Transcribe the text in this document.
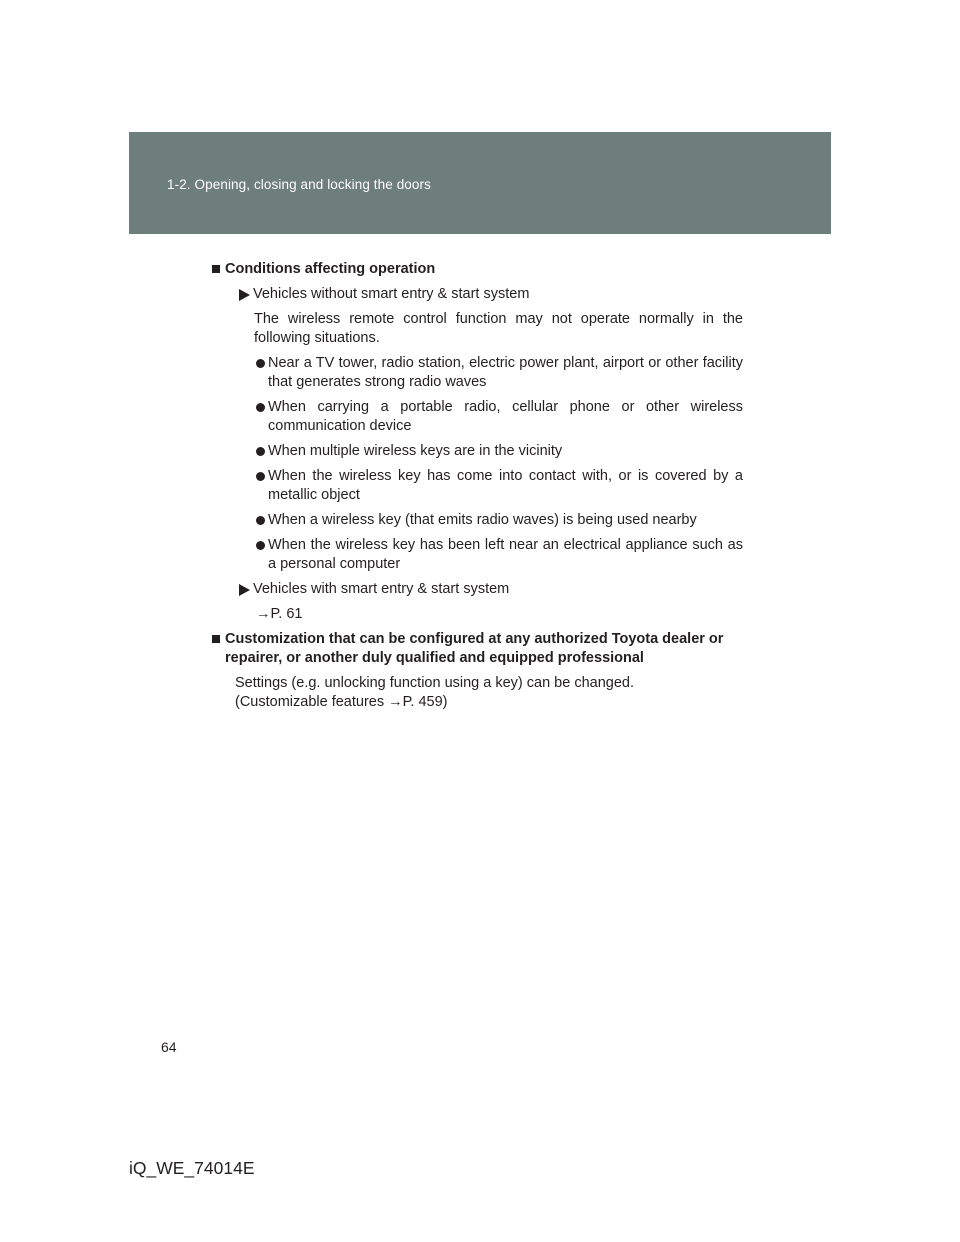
1-2. Opening, closing and locking the doors
Conditions affecting operation
Vehicles without smart entry & start system
The wireless remote control function may not operate normally in the following situations.
Near a TV tower, radio station, electric power plant, airport or other facility that generates strong radio waves
When carrying a portable radio, cellular phone or other wireless communication device
When multiple wireless keys are in the vicinity
When the wireless key has come into contact with, or is covered by a metallic object
When a wireless key (that emits radio waves) is being used nearby
When the wireless key has been left near an electrical appliance such as a personal computer
Vehicles with smart entry & start system
→P. 61
Customization that can be configured at any authorized Toyota dealer or repairer, or another duly qualified and equipped professional
Settings (e.g. unlocking function using a key) can be changed.
(Customizable features →P. 459)
64
iQ_WE_74014E
